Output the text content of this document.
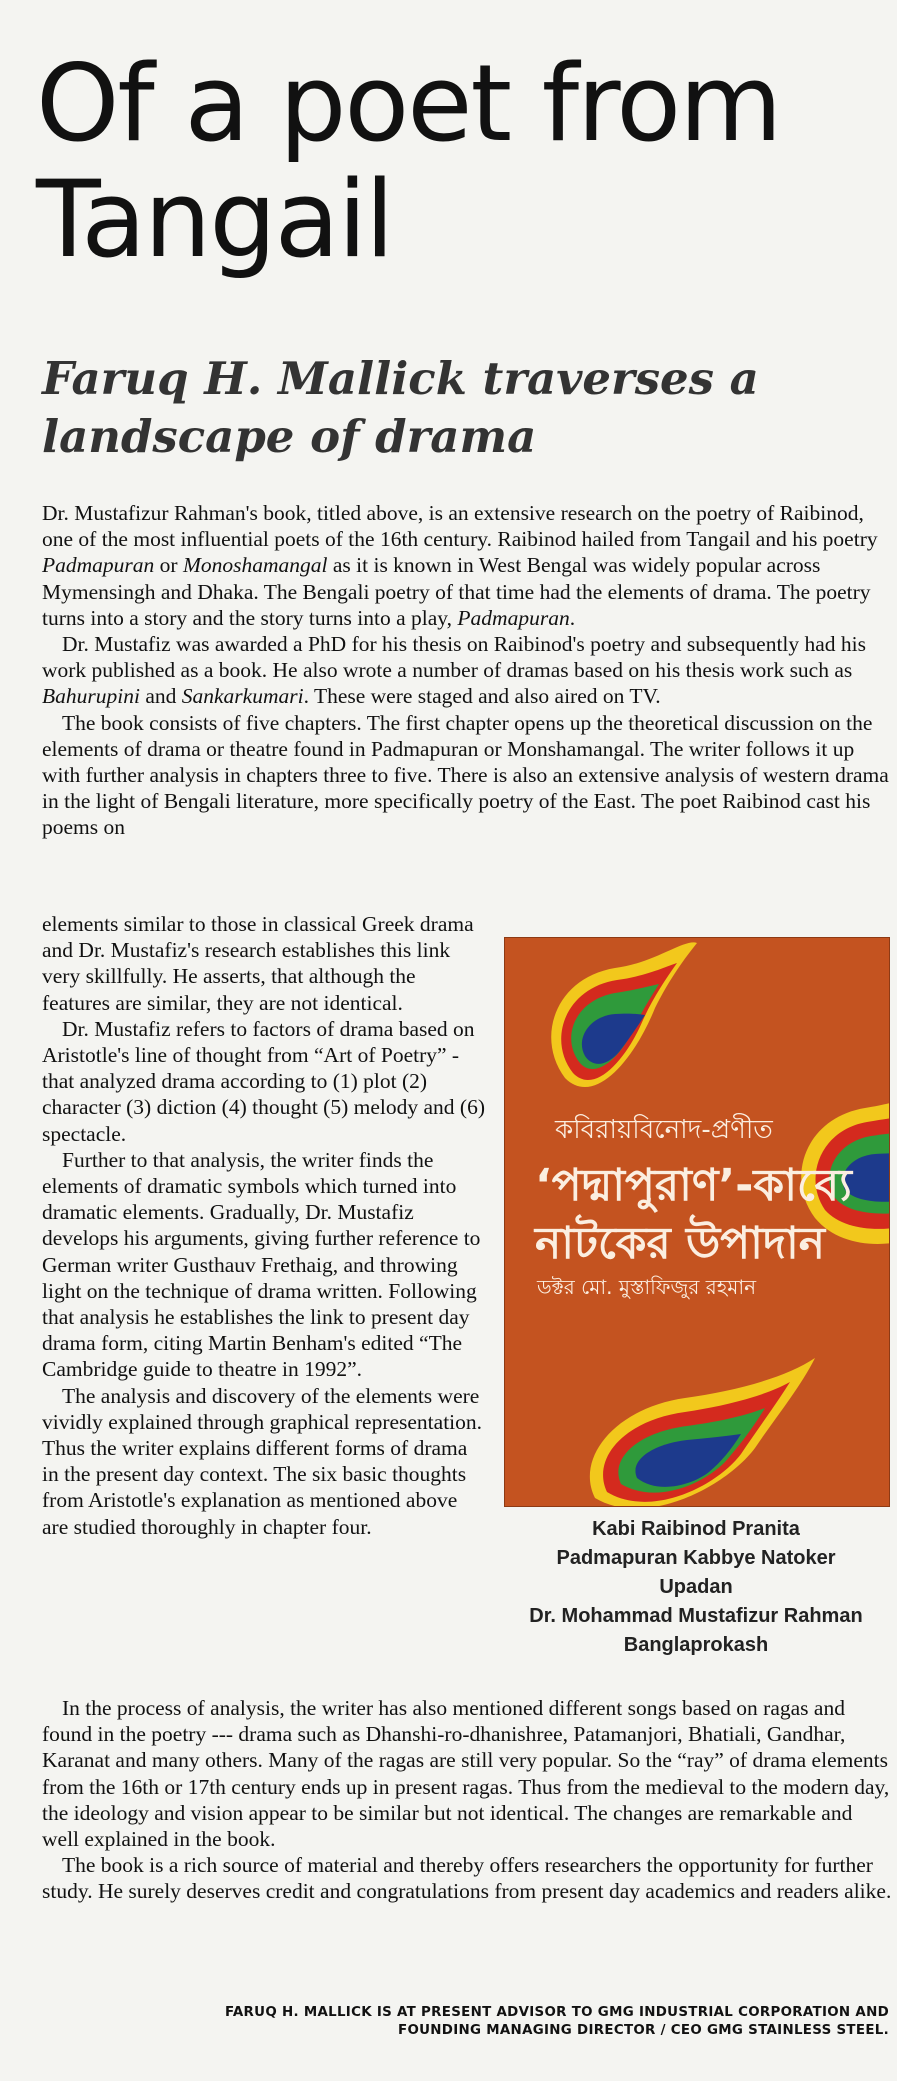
Of a poet from Tangail
Faruq H. Mallick traverses a landscape of drama

Dr. Mustafizur Rahman's book, titled above, is an extensive research on the poetry of Raibinod, one of the most influential poets of the 16th century. Raibinod hailed from Tangail and his poetry Padmapuran or Monoshamangal as it is known in West Bengal was widely popular across Mymensingh and Dhaka. The Bengali poetry of that time had the elements of drama. The poetry turns into a story and the story turns into a play, Padmapuran.

Dr. Mustafiz was awarded a PhD for his thesis on Raibinod's poetry and subsequently had his work published as a book. He also wrote a number of dramas based on his thesis work such as Bahurupini and Sankarkumari. These were staged and also aired on TV.

The book consists of five chapters. The first chapter opens up the theoretical discussion on the elements of drama or theatre found in Padmapuran or Monshamangal. The writer follows it up with further analysis in chapters three to five. There is also an extensive analysis of western drama in the light of Bengali literature, more specifically poetry of the East. The poet Raibinod cast his poems on

elements similar to those in classical Greek drama and Dr. Mustafiz's research establishes this link very skillfully. He asserts, that although the features are similar, they are not identical.

Dr. Mustafiz refers to factors of drama based on Aristotle's line of thought from “Art of Poetry” - that analyzed drama according to (1) plot (2) character (3) diction (4) thought (5) melody and (6) spectacle.

Further to that analysis, the writer finds the elements of dramatic symbols which turned into dramatic elements. Gradually, Dr. Mustafiz develops his arguments, giving further reference to German writer Gusthauv Frethaig, and throwing light on the technique of drama written. Following that analysis he establishes the link to present day drama form, citing Martin Benham's edited “The Cambridge guide to theatre in 1992”.

The analysis and discovery of the elements were vividly explained through graphical representation. Thus the writer explains different forms of drama in the present day context. The six basic thoughts from Aristotle's explanation as mentioned above are studied thoroughly in chapter four.

কবিরায়বিনোদ-প্রণীত
‘পদ্মাপুরাণ’-কাব্যে
নাটকের উপাদান
ডক্টর মো. মুস্তাফিজুর রহমান
Kabi Raibinod Pranita
Padmapuran Kabbye Natoker
Upadan
Dr. Mohammad Mustafizur Rahman
Banglaprokash

In the process of analysis, the writer has also mentioned different songs based on ragas and found in the poetry --- drama such as Dhanshi-ro-dhanishree, Patamanjori, Bhatiali, Gandhar, Karanat and many others. Many of the ragas are still very popular. So the “ray” of drama elements from the 16th or 17th century ends up in present ragas. Thus from the medieval to the modern day, the ideology and vision appear to be similar but not identical. The changes are remarkable and well explained in the book.

The book is a rich source of material and thereby offers researchers the opportunity for further study. He surely deserves credit and congratulations from present day academics and readers alike.

FARUQ H. MALLICK IS AT PRESENT ADVISOR TO GMG INDUSTRIAL CORPORATION AND
FOUNDING MANAGING DIRECTOR / CEO GMG STAINLESS STEEL.
